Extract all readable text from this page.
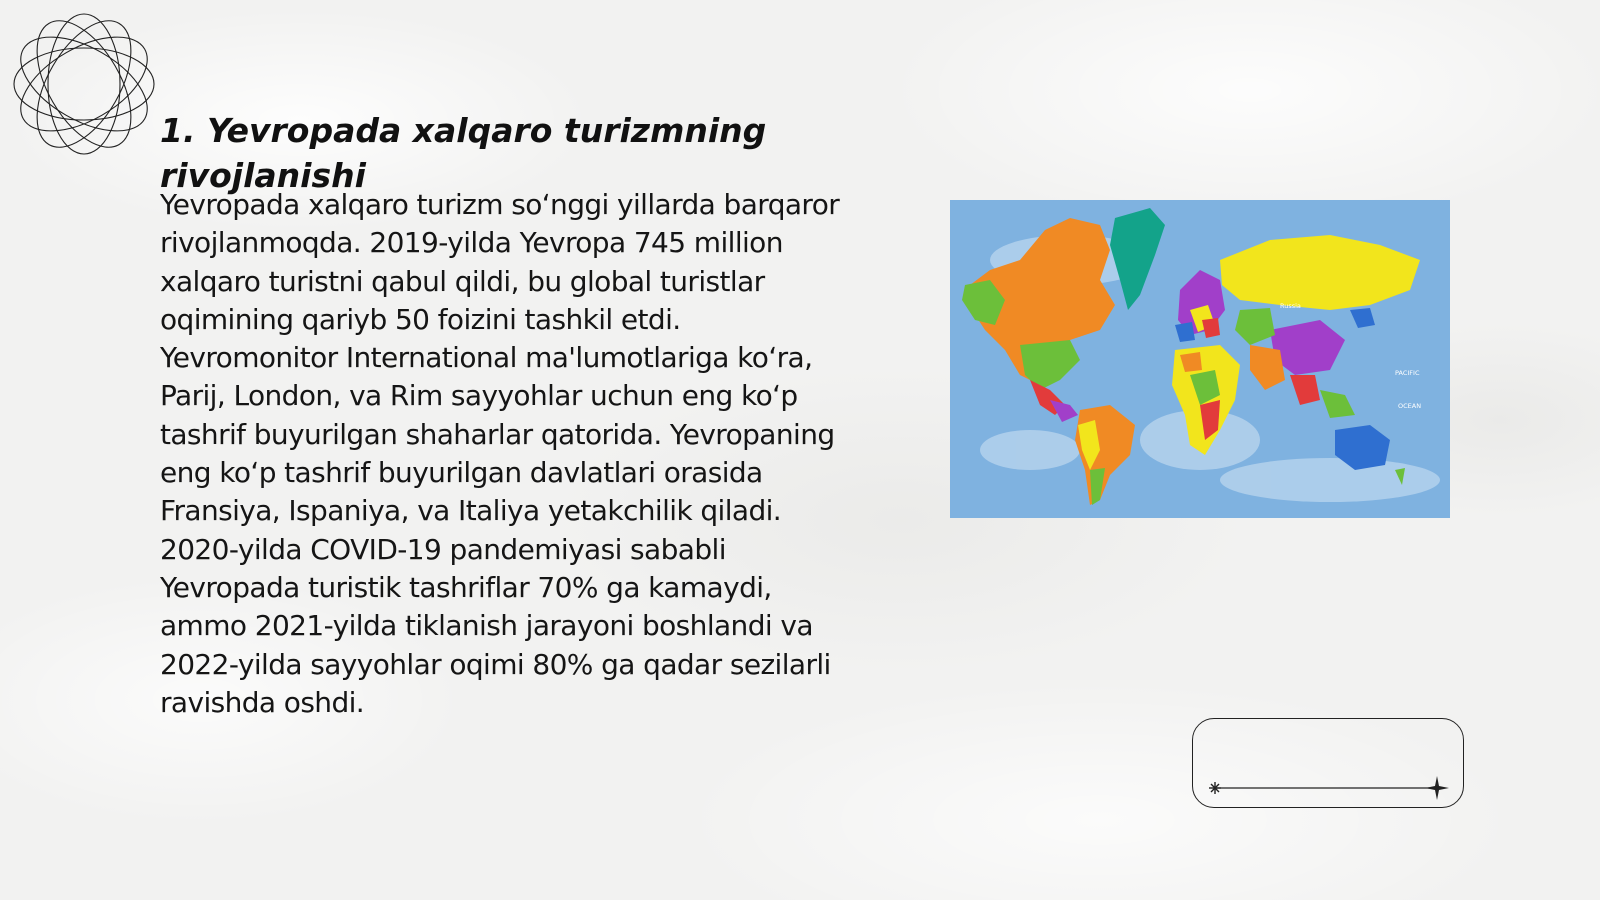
1. Yevropada xalqaro turizmning rivojlanishi

Yevropada xalqaro turizm soʻnggi yillarda barqaror rivojlanmoqda. 2019-yilda Yevropa 745 million xalqaro turistni qabul qildi, bu global turistlar oqimining qariyb 50 foizini tashkil etdi. Yevromonitor International ma'lumotlariga koʻra, Parij, London, va Rim sayyohlar uchun eng koʻp tashrif buyurilgan shaharlar qatorida. Yevropaning eng koʻp tashrif buyurilgan davlatlari orasida Fransiya, Ispaniya, va Italiya yetakchilik qiladi. 2020-yilda COVID-19 pandemiyasi sababli Yevropada turistik tashriflar 70% ga kamaydi, ammo 2021-yilda tiklanish jarayoni boshlandi va 2022-yilda sayyohlar oqimi 80% ga qadar sezilarli ravishda oshdi.

Russia
PACIFIC
OCEAN
